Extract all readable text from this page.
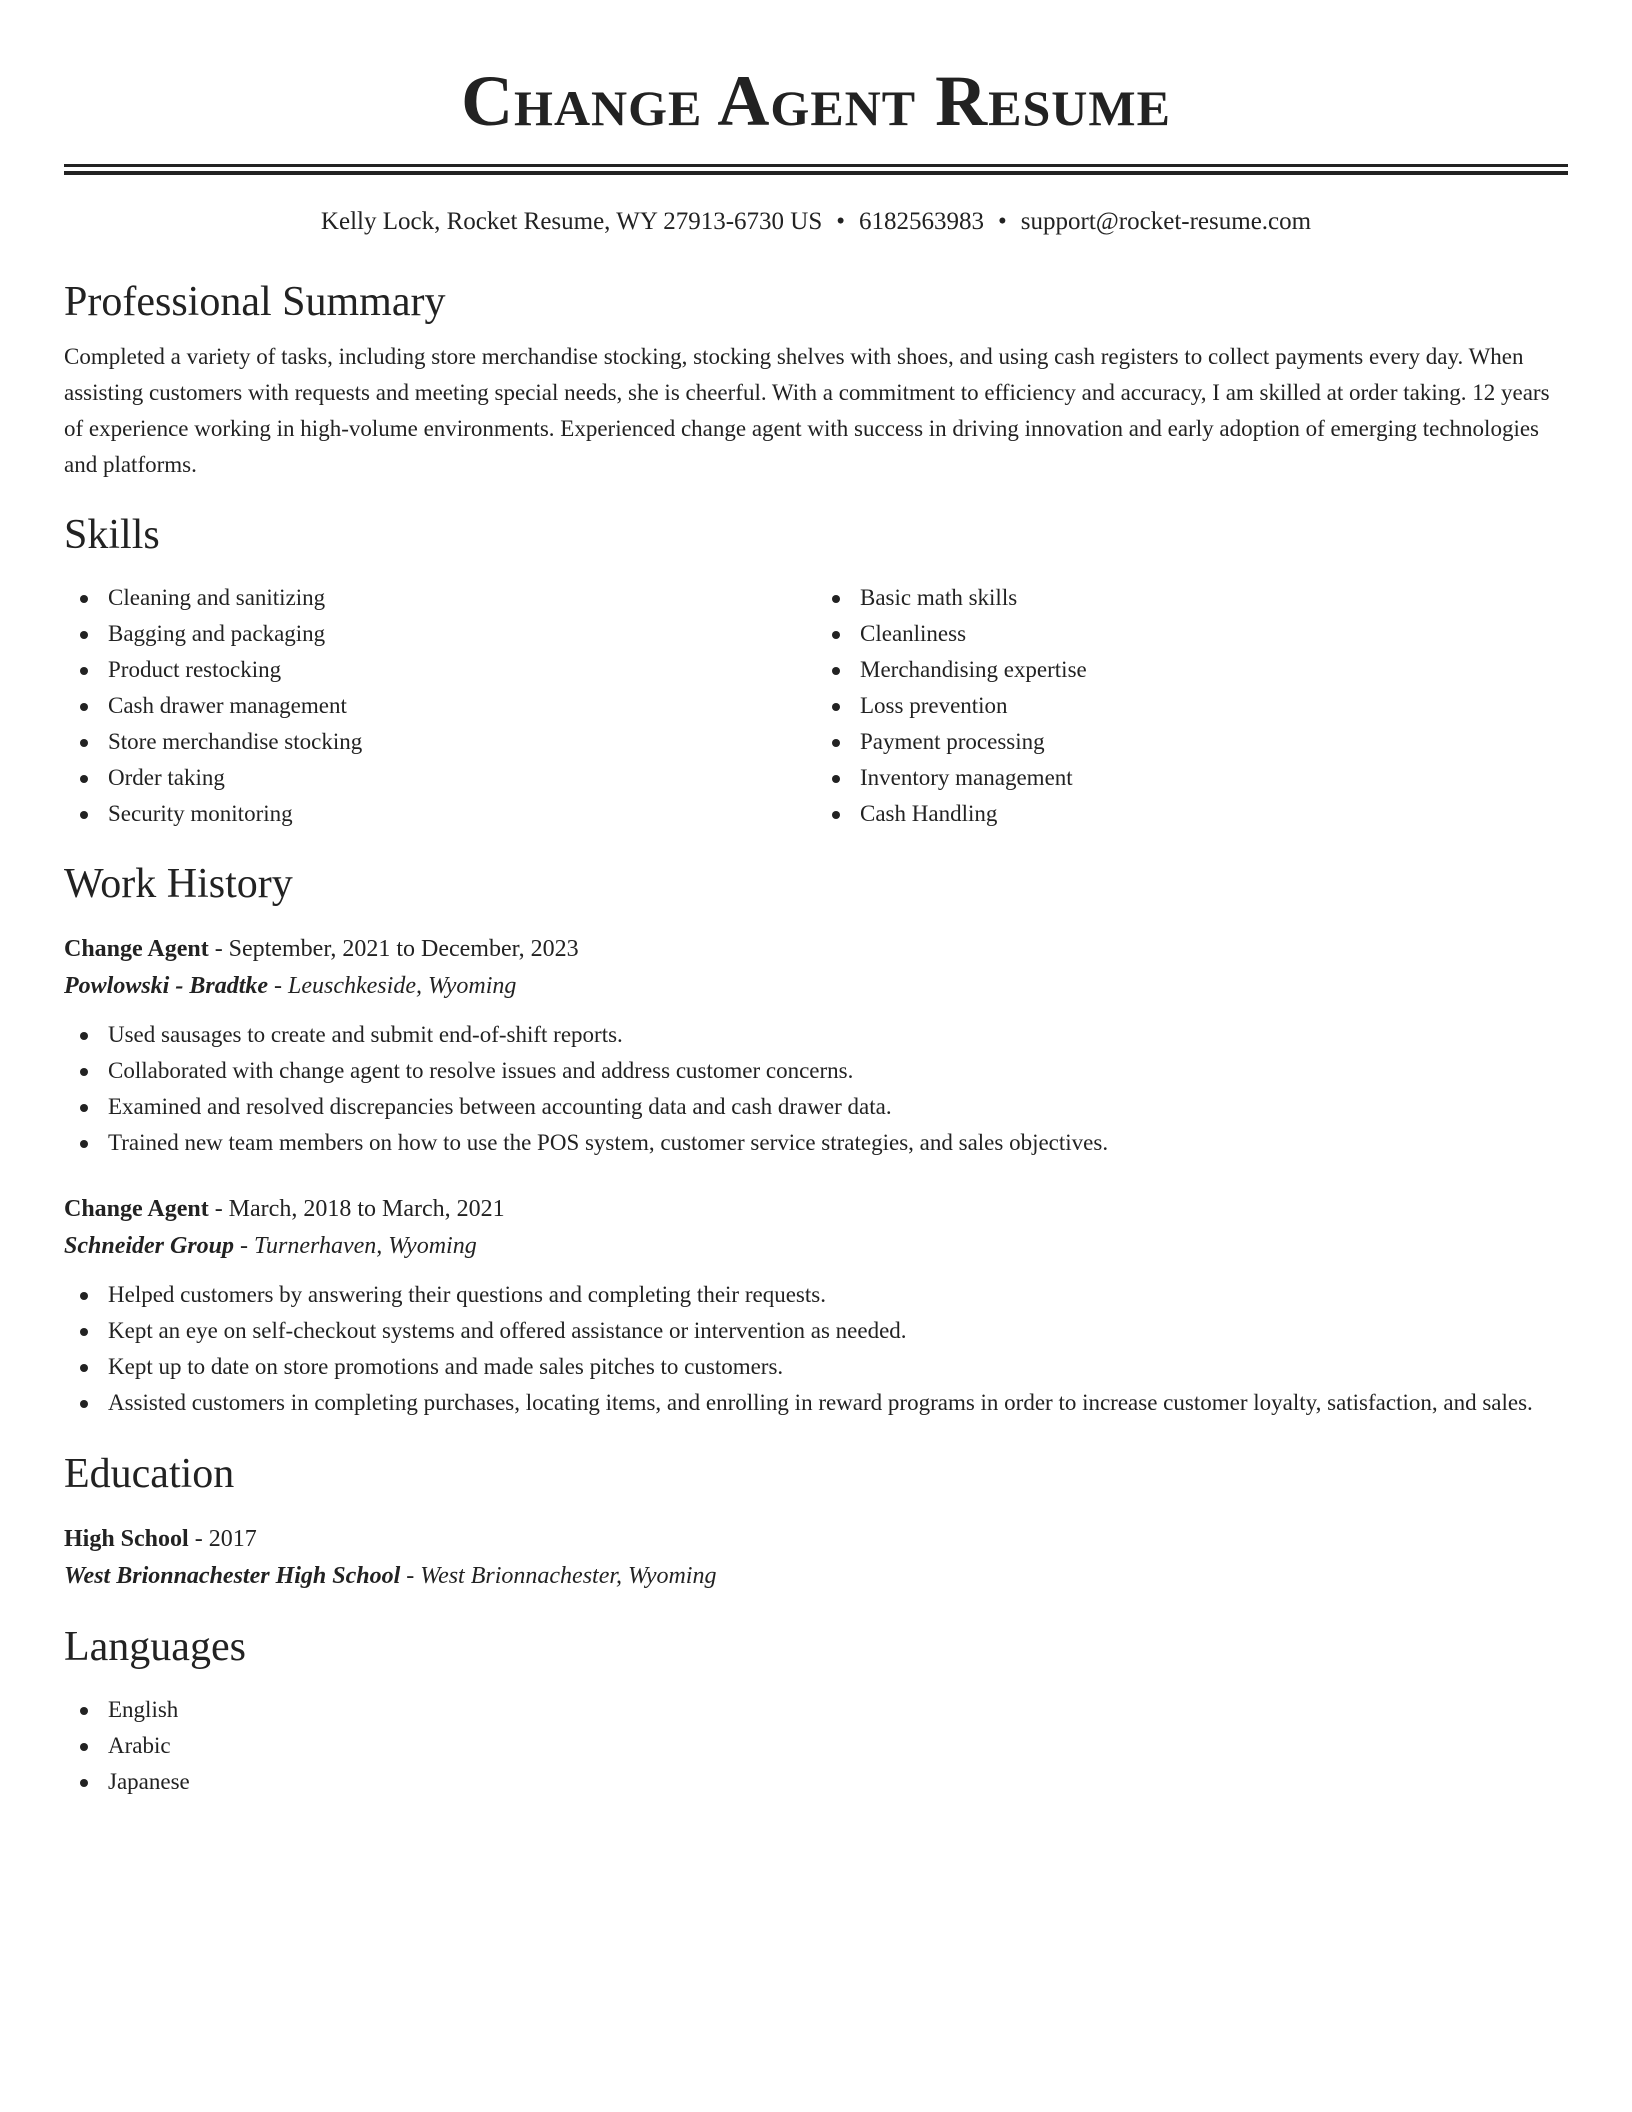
Change Agent Resume
Kelly Lock, Rocket Resume, WY 27913-6730 US • 6182563983 • support@rocket-resume.com
Professional Summary

Completed a variety of tasks, including store merchandise stocking, stocking shelves with shoes, and using cash registers to collect payments every day. When assisting customers with requests and meeting special needs, she is cheerful. With a commitment to efficiency and accuracy, I am skilled at order taking. 12 years of experience working in high-volume environments. Experienced change agent with success in driving innovation and early adoption of emerging technologies and platforms.

Skills
Cleaning and sanitizing
Bagging and packaging
Product restocking
Cash drawer management
Store merchandise stocking
Order taking
Security monitoring
Basic math skills
Cleanliness
Merchandising expertise
Loss prevention
Payment processing
Inventory management
Cash Handling
Work History
Change Agent - September, 2021 to December, 2023
Powlowski - Bradtke - Leuschkeside, Wyoming
Used sausages to create and submit end-of-shift reports.
Collaborated with change agent to resolve issues and address customer concerns.
Examined and resolved discrepancies between accounting data and cash drawer data.
Trained new team members on how to use the POS system, customer service strategies, and sales objectives.
Change Agent - March, 2018 to March, 2021
Schneider Group - Turnerhaven, Wyoming
Helped customers by answering their questions and completing their requests.
Kept an eye on self-checkout systems and offered assistance or intervention as needed.
Kept up to date on store promotions and made sales pitches to customers.
Assisted customers in completing purchases, locating items, and enrolling in reward programs in order to increase customer loyalty, satisfaction, and sales.
Education
High School - 2017
West Brionnachester High School - West Brionnachester, Wyoming
Languages
English
Arabic
Japanese
